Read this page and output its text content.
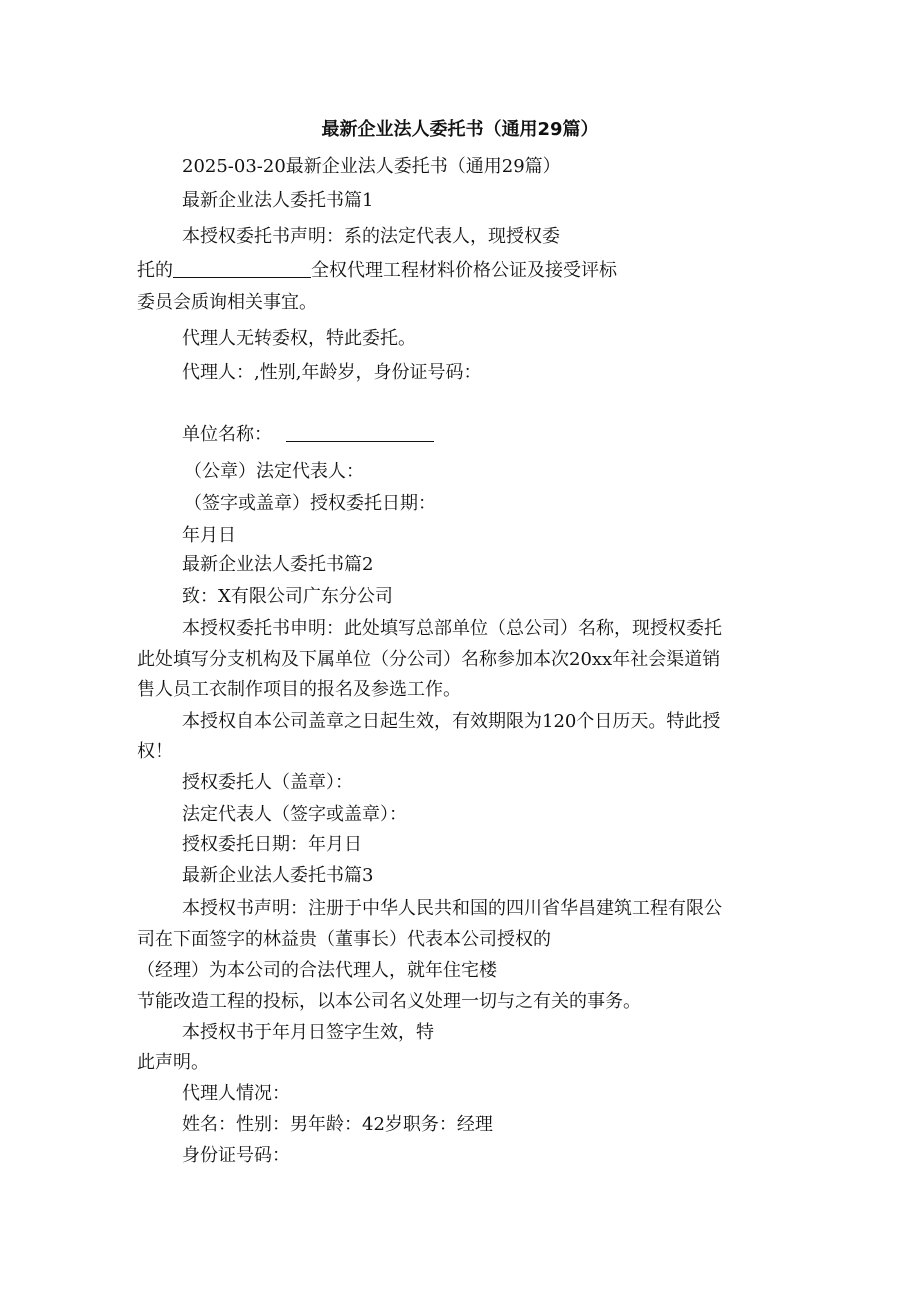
最新企业法人委托书（通用29篇）
2025-03-20最新企业法人委托书（通用29篇）
最新企业法人委托书篇1
本授权委托书声明：系的法定代表人，现授权委
托的	全权代理工程材料价格公证及接受评标
委员会质询相关事宜。
代理人无转委权，特此委托。
代理人：,性别,年龄岁，身份证号码：
单位名称：
（公章）法定代表人：
（签字或盖章）授权委托日期：
年月日
最新企业法人委托书篇2
致：X有限公司广东分公司
本授权委托书申明：此处填写总部单位（总公司）名称，现授权委托
此处填写分支机构及下属单位（分公司）名称参加本次20xx年社会渠道销
售人员工衣制作项目的报名及参选工作。
本授权自本公司盖章之日起生效，有效期限为120个日历天。特此授
权！
授权委托人（盖章）：
法定代表人（签字或盖章）：
授权委托日期：年月日
最新企业法人委托书篇3
本授权书声明：注册于中华人民共和国的四川省华昌建筑工程有限公
司在下面签字的林益贵（董事长）代表本公司授权的
（经理）为本公司的合法代理人，就年住宅楼
节能改造工程的投标，以本公司名义处理一切与之有关的事务。
本授权书于年月日签字生效，特
此声明。
代理人情况：
姓名：性别：男年龄：42岁职务：经理
身份证号码：
